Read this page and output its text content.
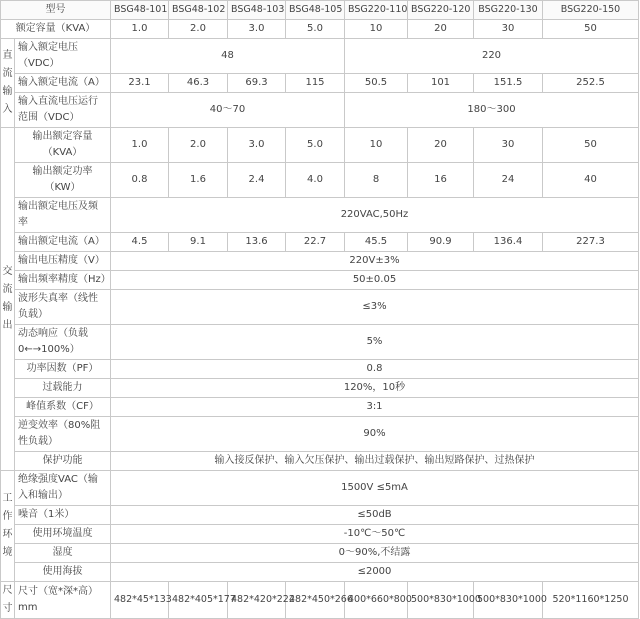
型号		BSG48-101	BSG48-102	BSG48-103	BSG48-105	BSG220-110	BSG220-120	BSG220-130	BSG220-150
额定容量（KVA）		1.0	2.0	3.0	5.0	10	20	30	50
直流输入	输入额定电压（VDC）	48				220			
	输入额定电流（A）	23.1	46.3	69.3	115	50.5	101	151.5	252.5
	输入直流电压运行范围（VDC）	40～70				180～300			
交流输出	输出额定容量（KVA）	1.0	2.0	3.0	5.0	10	20	30	50
	输出额定功率（KW）	0.8	1.6	2.4	4.0	8	16	24	40
	输出额定电压及频率	220VAC,50Hz							
	输出额定电流（A）	4.5	9.1	13.6	22.7	45.5	90.9	136.4	227.3
	输出电压精度（V）	220V±3%							
	输出频率精度（Hz）	50±0.05							
	波形失真率（线性负载）	≤3%							
	动态响应（负载0←→100%）	5%							
	功率因数（PF）	0.8							
	过载能力	120%，10秒							
	峰值系数（CF）	3:1							
	逆变效率（80%阻性负载）	90%							
	保护功能	输入接反保护、输入欠压保护、输出过载保护、输出短路保护、过热保护							
工作环境	绝缘强度VAC（输入和输出）	1500V ≤5mA							
	噪音（1米）	≤50dB							
	使用环境温度	-10℃～50℃							
	湿度	0～90%,不结露							
	使用海拔	≤2000							
尺寸	尺寸（宽*深*高）mm	482*45*133	482*405*177	482*420*222	482*450*266	400*660*800	500*830*1000	500*830*1000	520*1160*1250
